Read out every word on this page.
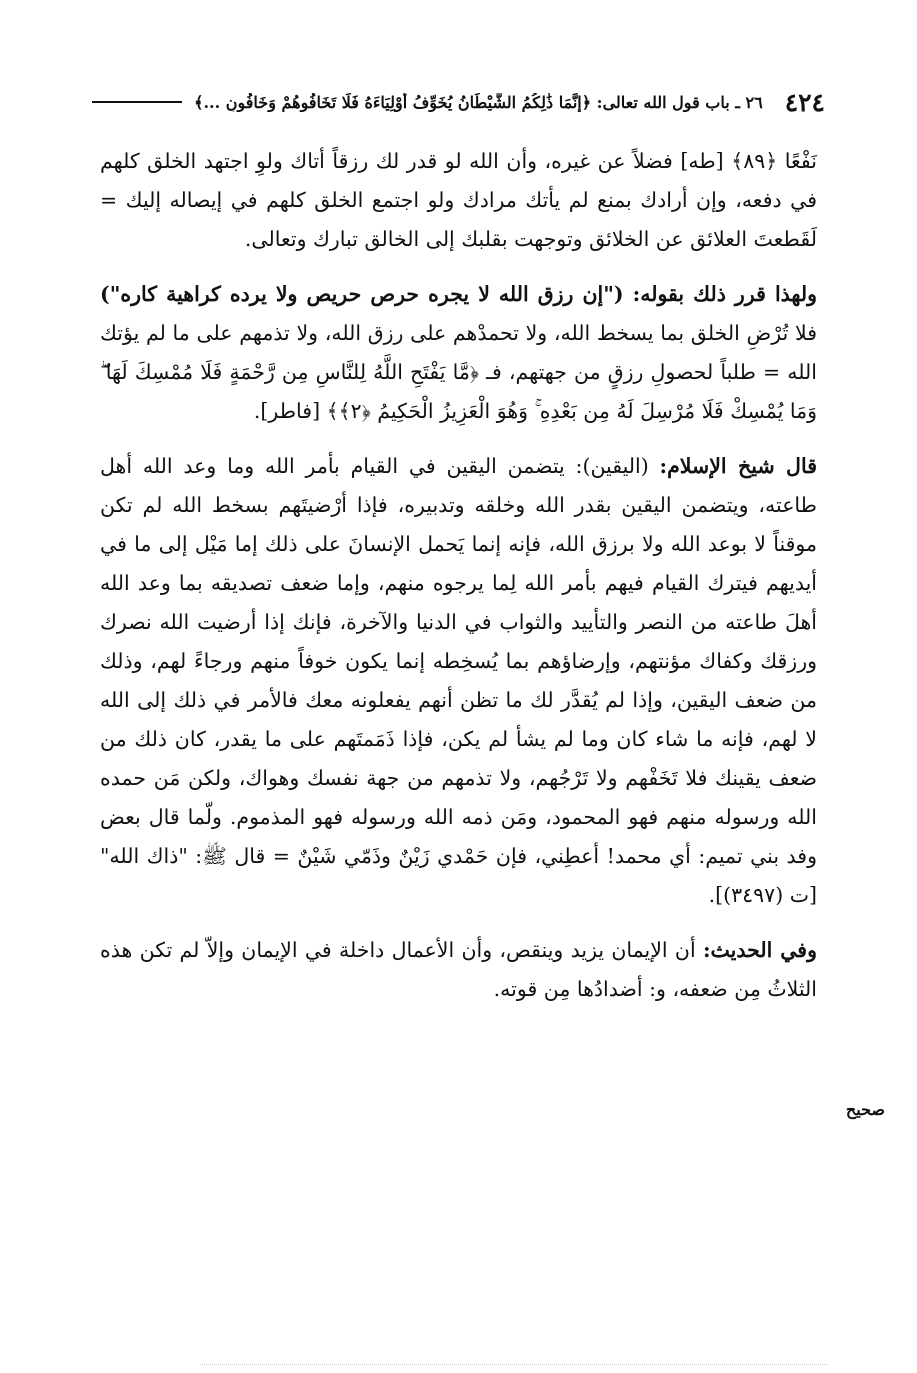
٤٢٤
٢٦ ـ باب قول الله تعالى: ﴿إِنَّمَا ذَٰلِكُمُ الشَّيْطَانُ يُخَوِّفُ أَوْلِيَاءَهُ فَلَا تَخَافُوهُمْ وَخَافُونِ ...﴾

نَفْعًا ﴿٨٩﴾ [طه] فضلاً عن غيره، وأن الله لو قدر لك رزقاً أتاك ولوِ اجتهد الخلق كلهم في دفعه، وإن أرادك بمنع لم يأتك مرادك ولو اجتمع الخلق كلهم في إيصاله إليك = لَقَطعتَ العلائق عن الخلائق وتوجهت بقلبك إلى الخالق تبارك وتعالى.

ولهذا قرر ذلك بقوله: ("إن رزق الله لا يجره حرص حريص ولا يرده كراهية كاره") فلا تُرْضِ الخلق بما يسخط الله، ولا تحمدْهم على رزق الله، ولا تذمهم على ما لم يؤتك الله = طلباً لحصولِ رزقٍ من جهتهم، فـ ﴿مَّا يَفْتَحِ اللَّهُ لِلنَّاسِ مِن رَّحْمَةٍ فَلَا مُمْسِكَ لَهَا ۖ وَمَا يُمْسِكْ فَلَا مُرْسِلَ لَهُ مِن بَعْدِهِ ۚ وَهُوَ الْعَزِيزُ الْحَكِيمُ ﴿٢﴾﴾ [فاطر].

قال شيخ الإسلام: (اليقين): يتضمن اليقين في القيام بأمر الله وما وعد الله أهل طاعته، ويتضمن اليقين بقدر الله وخلقه وتدبيره، فإذا أرْضيتَهم بسخط الله لم تكن موقناً لا بوعد الله ولا برزق الله، فإنه إنما يَحمل الإنسانَ على ذلك إما مَيْل إلى ما في أيديهم فيترك القيام فيهم بأمر الله لِما يرجوه منهم، وإما ضعف تصديقه بما وعد الله أهلَ طاعته من النصر والتأييد والثواب في الدنيا والآخرة، فإنك إذا أرضيت الله نصرك ورزقك وكفاك مؤنتهم، وإرضاؤهم بما يُسخِطه إنما يكون خوفاً منهم ورجاءً لهم، وذلك من ضعف اليقين، وإذا لم يُقدَّر لك ما تظن أنهم يفعلونه معك فالأمر في ذلك إلى الله لا لهم، فإنه ما شاء كان وما لم يشأ لم يكن، فإذا ذَمَمتَهم على ما يقدر، كان ذلك من ضعف يقينك فلا تَخَفْهم ولا تَرْجُهم، ولا تذمهم من جهة نفسك وهواك، ولكن مَن حمده الله ورسوله منهم فهو المحمود، ومَن ذمه الله ورسوله فهو المذموم. ولّما قال بعض وفد بني تميم: أي محمد! أعطِني، فإن حَمْدي زَيْنٌ وذَمّي شَيْنٌ = قال ﷺ: "ذاك الله" [ت (٣٤٩٧)].

وفي الحديث: أن الإيمان يزيد وينقص، وأن الأعمال داخلة في الإيمان وإلاّ لم تكن هذه الثلاثُ مِن ضعفه، و: أضدادُها مِن قوته.

صحيح
